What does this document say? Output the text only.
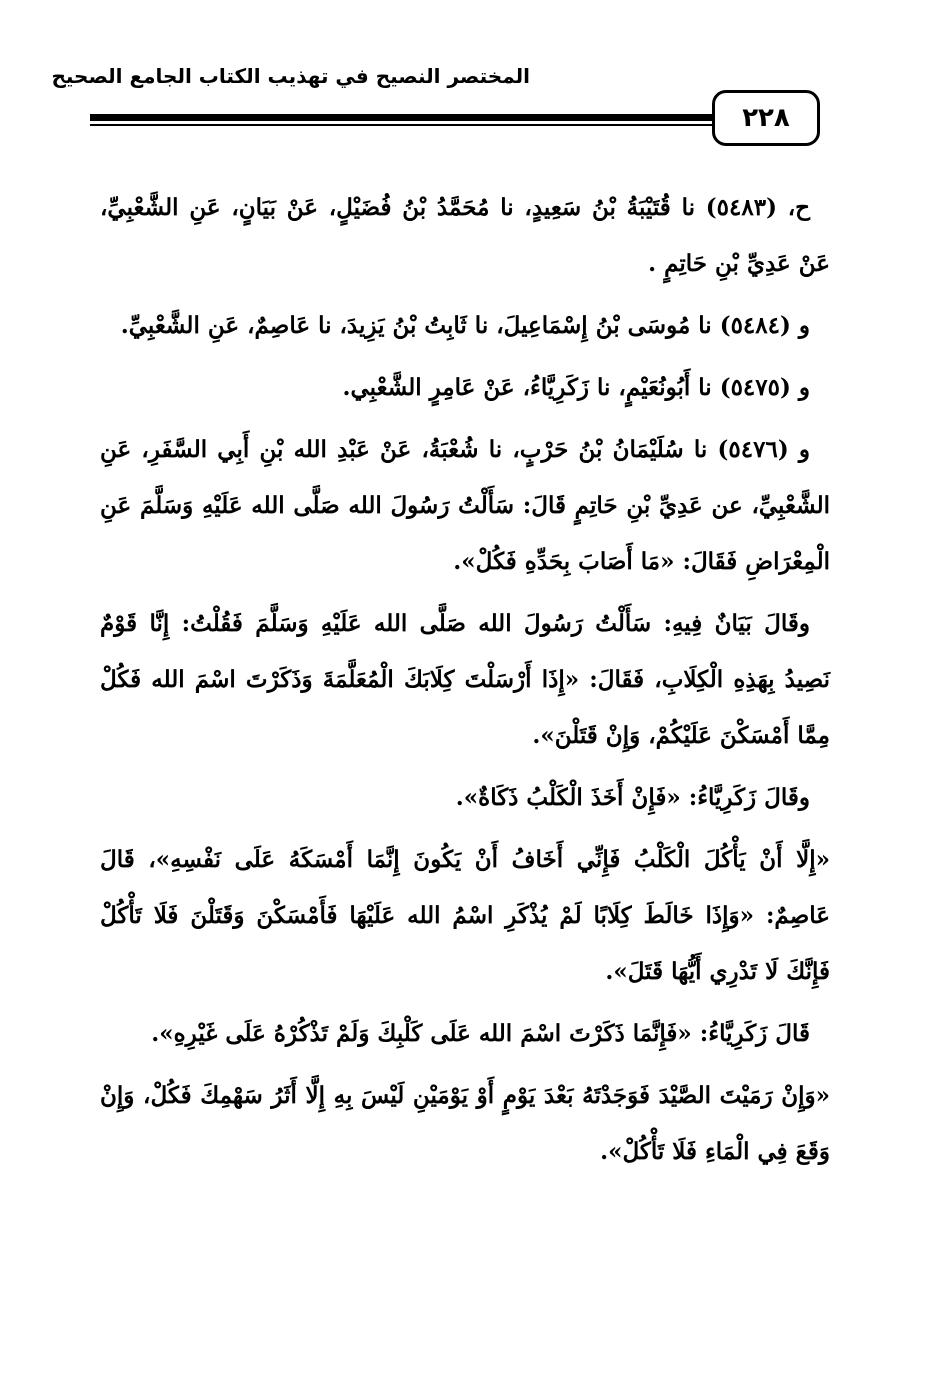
المختصر النصيح في تهذيب الكتاب الجامع الصحيح
٢٢٨

ح، (٥٤٨٣) نا قُتَيْبَةُ بْنُ سَعِيدٍ، نا مُحَمَّدُ بْنُ فُضَيْلٍ، عَنْ بَيَانٍ، عَنِ الشَّعْبِيِّ، عَنْ عَدِيِّ بْنِ حَاتِمٍ .

و (٥٤٨٤) نا مُوسَى بْنُ إِسْمَاعِيلَ، نا ثَابِتُ بْنُ يَزِيدَ، نا عَاصِمٌ، عَنِ الشَّعْبِيِّ.

و (٥٤٧٥) نا أَبُونُعَيْمٍ، نا زَكَرِيَّاءُ، عَنْ عَامِرٍ الشَّعْبِي.

و (٥٤٧٦) نا سُلَيْمَانُ بْنُ حَرْبٍ، نا شُعْبَةُ، عَنْ عَبْدِ الله بْنِ أَبِي السَّفَرِ، عَنِ الشَّعْبِيِّ، عن عَدِيِّ بْنِ حَاتِمٍ قَالَ: سَأَلْتُ رَسُولَ الله صَلَّى الله عَلَيْهِ وَسَلَّمَ عَنِ الْمِعْرَاضِ فَقَالَ: «مَا أَصَابَ بِحَدِّهِ فَكُلْ».

وقَالَ بَيَانٌ فِيهِ: سَأَلْتُ رَسُولَ الله صَلَّى الله عَلَيْهِ وَسَلَّمَ فَقُلْتُ: إِنَّا قَوْمٌ نَصِيدُ بِهَذِهِ الْكِلَابِ، فَقَالَ: «إِذَا أَرْسَلْتَ كِلَابَكَ الْمُعَلَّمَةَ وَذَكَرْتَ اسْمَ الله فَكُلْ مِمَّا أَمْسَكْنَ عَلَيْكُمْ، وَإِنْ قَتَلْنَ».

وقَالَ زَكَرِيَّاءُ: «فَإِنْ أَخَذَ الْكَلْبُ ذَكَاةٌ».

«إِلَّا أَنْ يَأْكُلَ الْكَلْبُ فَإِنِّي أَخَافُ أَنْ يَكُونَ إِنَّمَا أَمْسَكَهُ عَلَى نَفْسِهِ»، قَالَ عَاصِمٌ: «وَإِذَا خَالَطَ كِلَابًا لَمْ يُذْكَرِ اسْمُ الله عَلَيْهَا فَأَمْسَكْنَ وَقَتَلْنَ فَلَا تَأْكُلْ فَإِنَّكَ لَا تَدْرِي أَيُّهَا قَتَلَ».

قَالَ زَكَرِيَّاءُ: «فَإِنَّمَا ذَكَرْتَ اسْمَ الله عَلَى كَلْبِكَ وَلَمْ تَذْكُرْهُ عَلَى غَيْرِهِ».

«وَإِنْ رَمَيْتَ الصَّيْدَ فَوَجَدْتَهُ بَعْدَ يَوْمٍ أَوْ يَوْمَيْنِ لَيْسَ بِهِ إِلَّا أَثَرُ سَهْمِكَ فَكُلْ، وَإِنْ وَقَعَ فِي الْمَاءِ فَلَا تَأْكُلْ».
